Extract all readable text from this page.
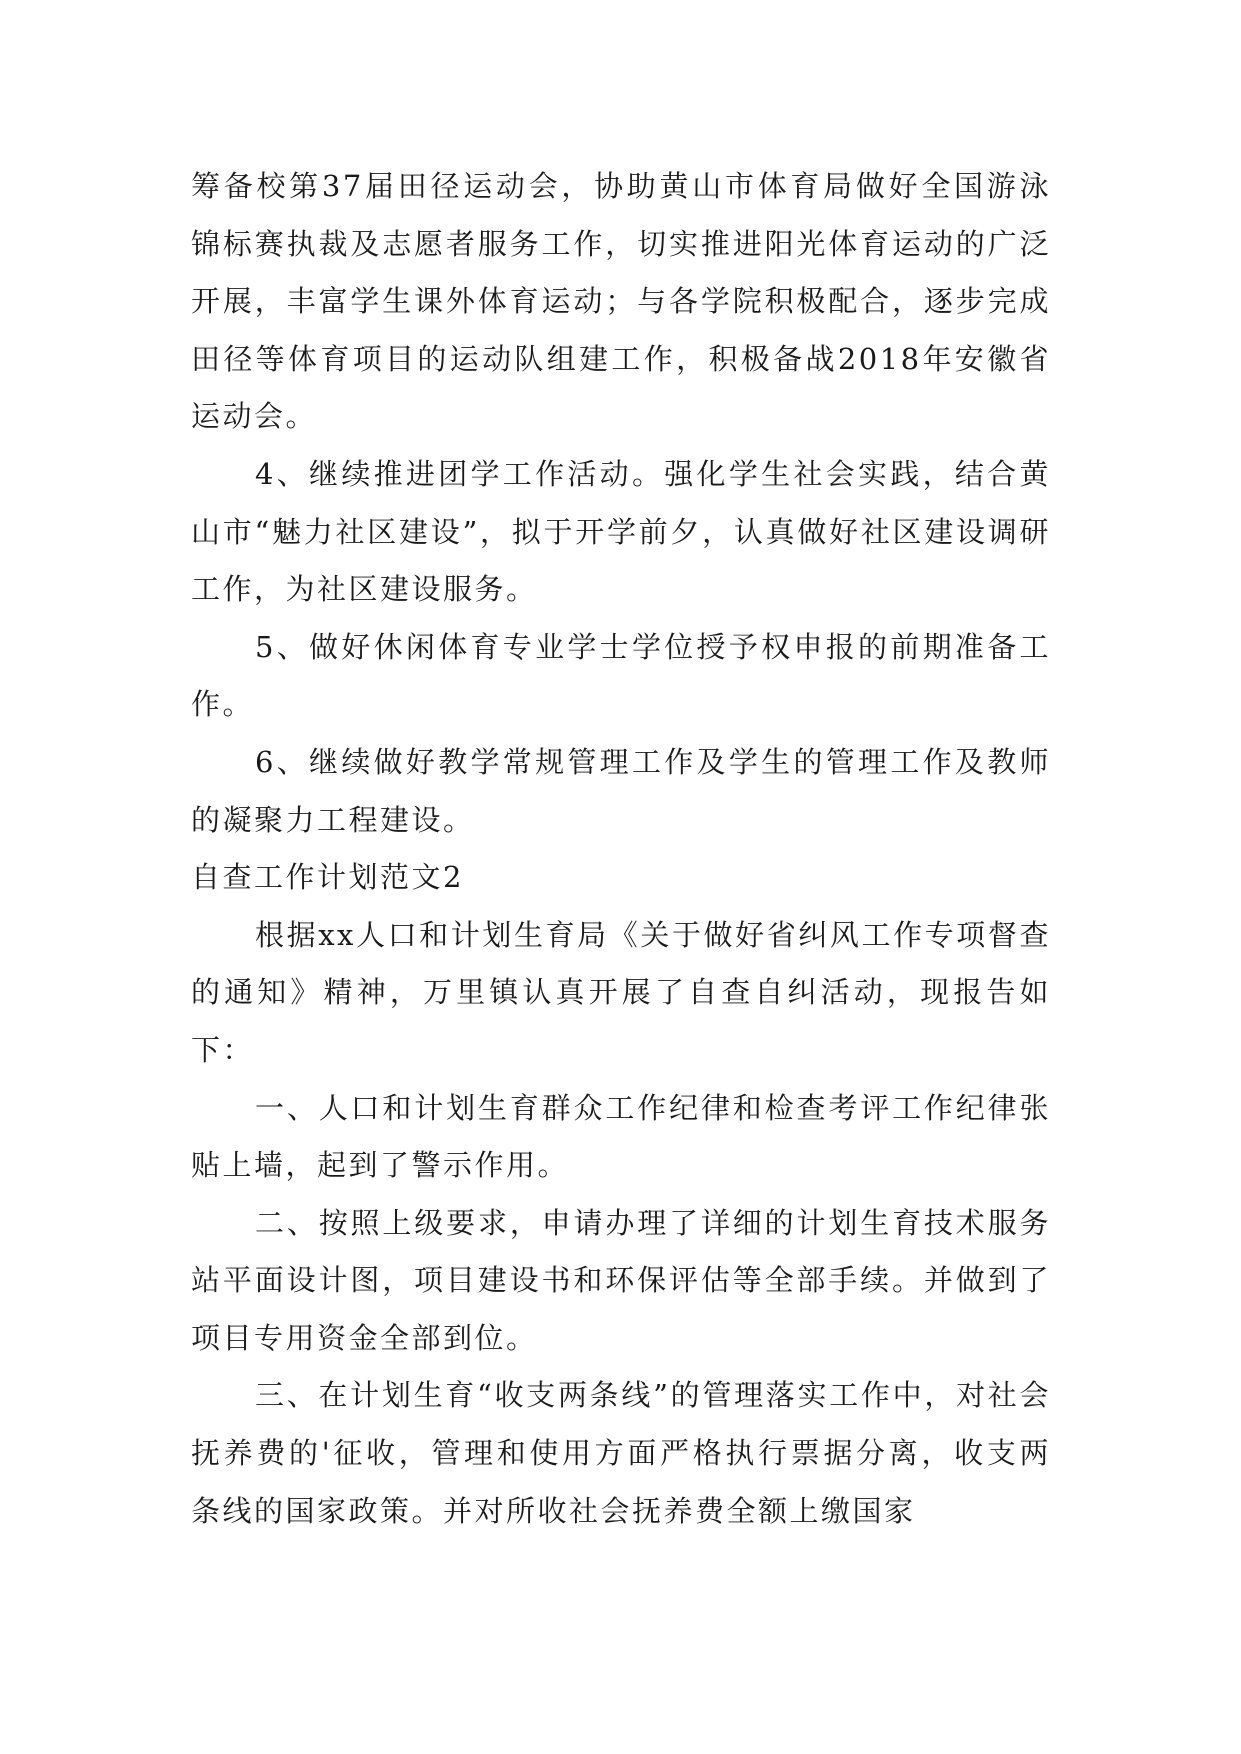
筹备校第37届田径运动会，协助黄山市体育局做好全国游泳锦标赛执裁及志愿者服务工作，切实推进阳光体育运动的广泛开展，丰富学生课外体育运动；与各学院积极配合，逐步完成田径等体育项目的运动队组建工作，积极备战2018年安徽省运动会。

4、继续推进团学工作活动。强化学生社会实践，结合黄山市“魅力社区建设”，拟于开学前夕，认真做好社区建设调研工作，为社区建设服务。

5、做好休闲体育专业学士学位授予权申报的前期准备工作。

6、继续做好教学常规管理工作及学生的管理工作及教师的凝聚力工程建设。

自查工作计划范文2

根据xx人口和计划生育局《关于做好省纠风工作专项督查的通知》精神，万里镇认真开展了自查自纠活动，现报告如下：

一、人口和计划生育群众工作纪律和检查考评工作纪律张贴上墙，起到了警示作用。

二、按照上级要求，申请办理了详细的计划生育技术服务站平面设计图，项目建设书和环保评估等全部手续。并做到了项目专用资金全部到位。

三、在计划生育“收支两条线”的管理落实工作中，对社会抚养费的'征收，管理和使用方面严格执行票据分离，收支两条线的国家政策。并对所收社会抚养费全额上缴国家
